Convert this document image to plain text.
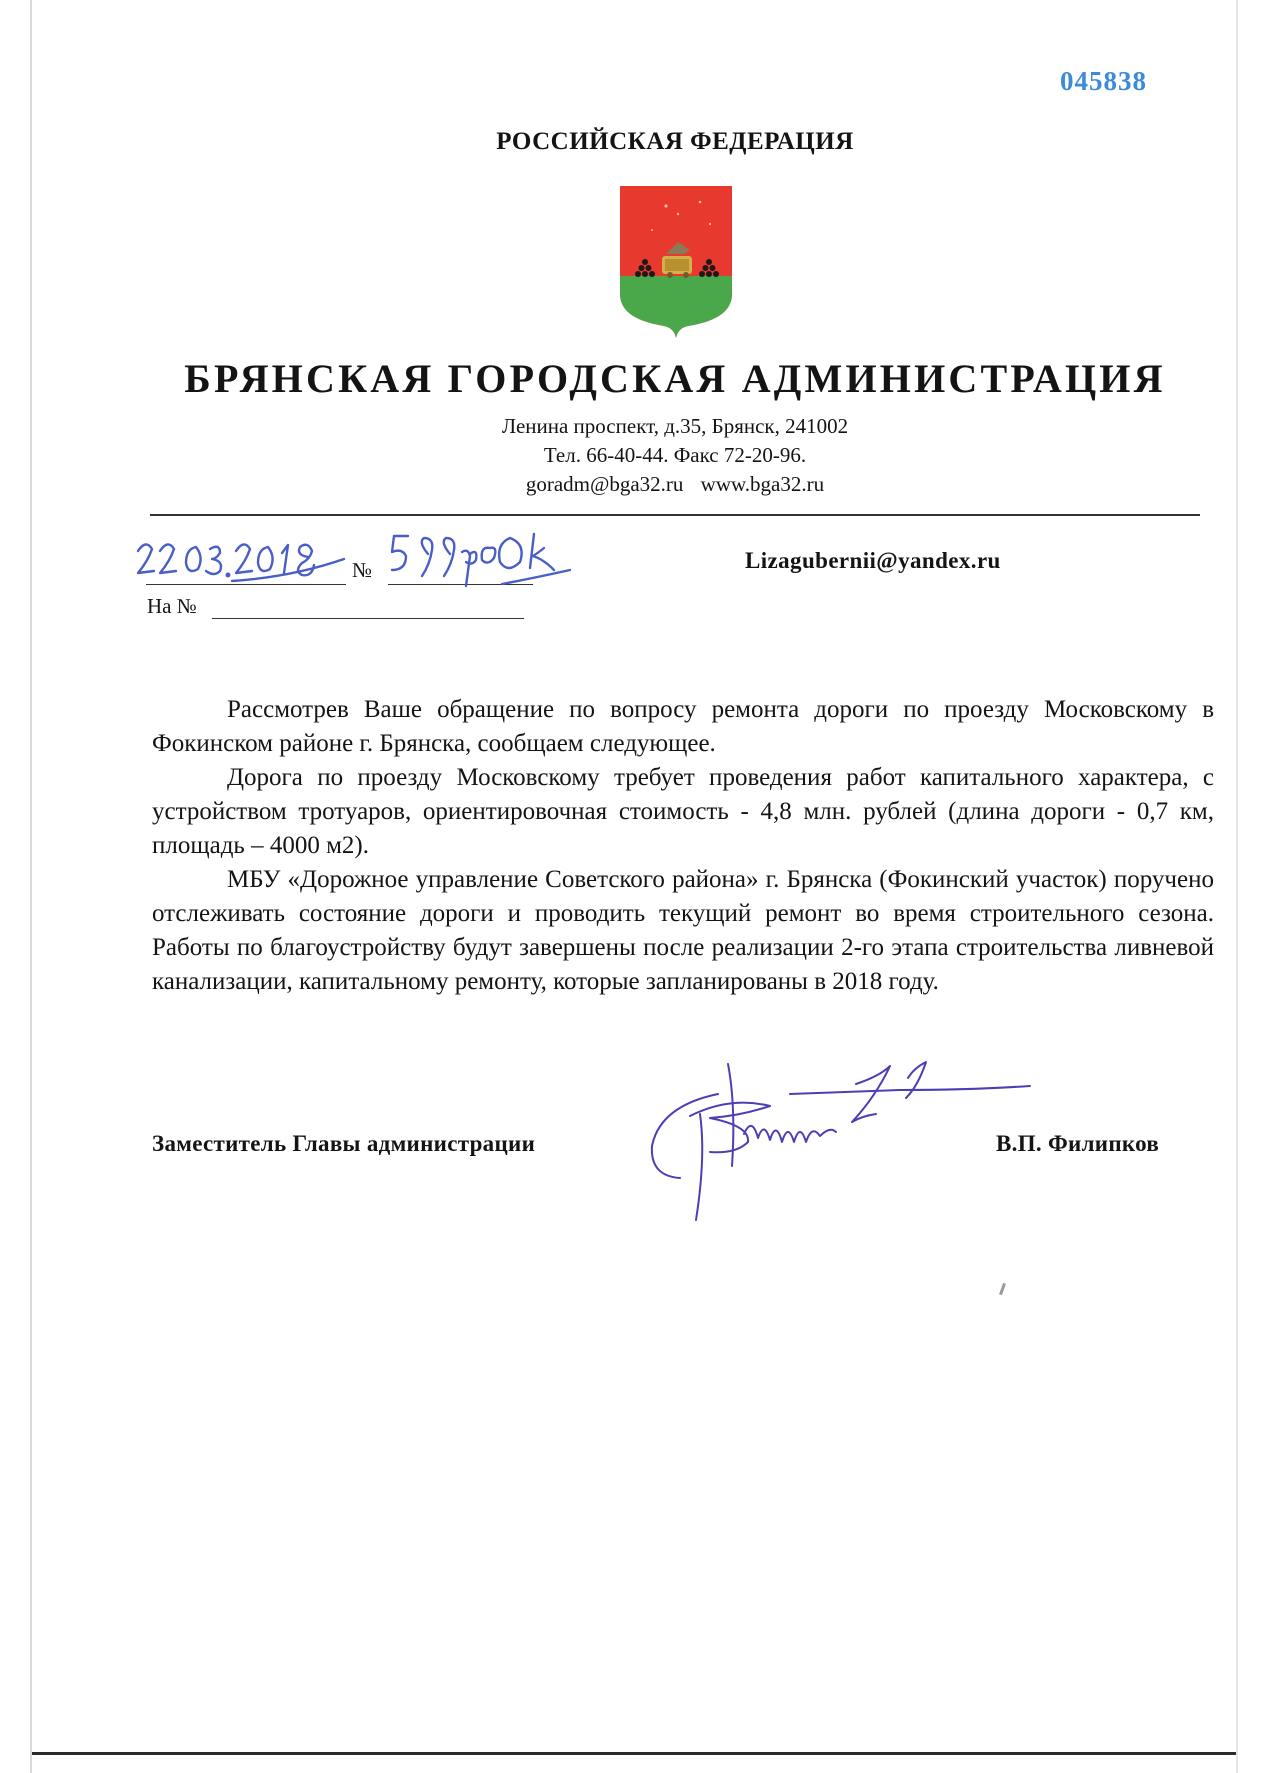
045838
РОССИЙСКАЯ ФЕДЕРАЦИЯ
БРЯНСКАЯ ГОРОДСКАЯ АДМИНИСТРАЦИЯ
Ленина проспект, д.35, Брянск, 241002
Тел. 66-40-44. Факс 72-20-96.
goradm@bga32.ru www.bga32.ru
№
На №
Lizagubernii@yandex.ru

Рассмотрев Ваше обращение по вопросу ремонта дороги по проезду Московскому в Фокинском районе г. Брянска, сообщаем следующее.

Дорога по проезду Московскому требует проведения работ капитального характера, с устройством тротуаров, ориентировочная стоимость - 4,8 млн. рублей (длина дороги - 0,7 км, площадь – 4000 м2).

МБУ «Дорожное управление Советского района» г. Брянска (Фокинский участок) поручено отслеживать состояние дороги и проводить текущий ремонт во время строительного сезона. Работы по благоустройству будут завершены после реализации 2-го этапа строительства ливневой канализации, капитальному ремонту, которые запланированы в 2018 году.

Заместитель Главы администрации	В.П. Филипков
